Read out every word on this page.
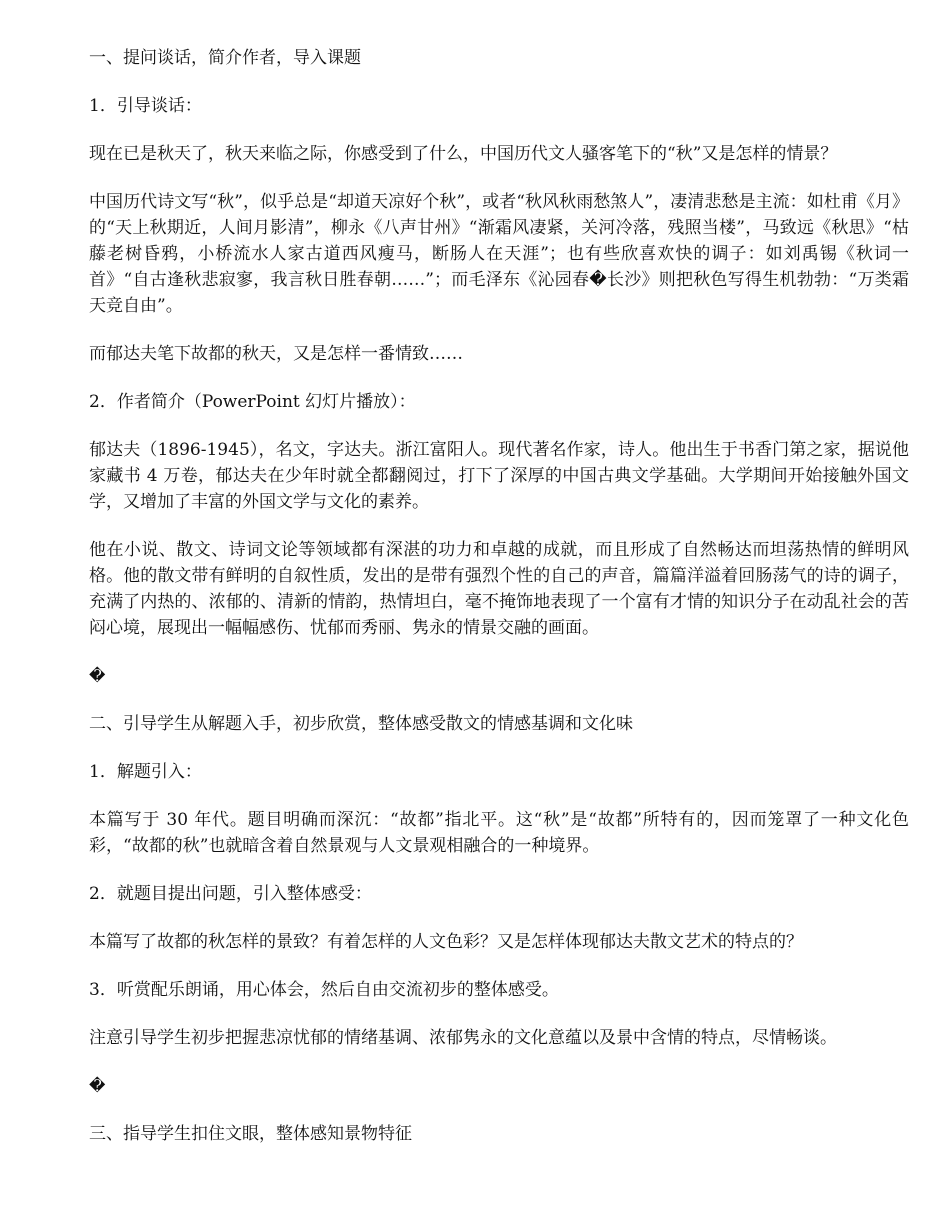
一、提问谈话，简介作者，导入课题

1．引导谈话：

现在已是秋天了，秋天来临之际，你感受到了什么，中国历代文人骚客笔下的“秋”又是怎样的情景？

中国历代诗文写“秋”，似乎总是“却道天凉好个秋”，或者“秋风秋雨愁煞人”，凄清悲愁是主流：如杜甫《月》的“天上秋期近，人间月影清”，柳永《八声甘州》“渐霜风凄紧，关河冷落，残照当楼”，马致远《秋思》“枯藤老树昏鸦，小桥流水人家古道西风瘦马，断肠人在天涯”；也有些欣喜欢快的调子：如刘禹锡《秋词一首》“自古逢秋悲寂寥，我言秋日胜春朝……”；而毛泽东《沁园春�长沙》则把秋色写得生机勃勃：“万类霜天竞自由”。

而郁达夫笔下故都的秋天，又是怎样一番情致……

2．作者简介（PowerPoint 幻灯片播放）：

郁达夫（1896-1945），名文，字达夫。浙江富阳人。现代著名作家，诗人。他出生于书香门第之家，据说他家藏书 4 万卷，郁达夫在少年时就全都翻阅过，打下了深厚的中国古典文学基础。大学期间开始接触外国文学，又增加了丰富的外国文学与文化的素养。

他在小说、散文、诗词文论等领域都有深湛的功力和卓越的成就，而且形成了自然畅达而坦荡热情的鲜明风格。他的散文带有鲜明的自叙性质，发出的是带有强烈个性的自己的声音，篇篇洋溢着回肠荡气的诗的调子，充满了内热的、浓郁的、清新的情韵，热情坦白，毫不掩饰地表现了一个富有才情的知识分子在动乱社会的苦闷心境，展现出一幅幅感伤、忧郁而秀丽、隽永的情景交融的画面。

�

二、引导学生从解题入手，初步欣赏，整体感受散文的情感基调和文化味

1．解题引入：

本篇写于 30 年代。题目明确而深沉：“故都”指北平。这“秋”是“故都”所特有的，因而笼罩了一种文化色彩，“故都的秋”也就暗含着自然景观与人文景观相融合的一种境界。

2．就题目提出问题，引入整体感受：

本篇写了故都的秋怎样的景致？有着怎样的人文色彩？又是怎样体现郁达夫散文艺术的特点的？

3．听赏配乐朗诵，用心体会，然后自由交流初步的整体感受。

注意引导学生初步把握悲凉忧郁的情绪基调、浓郁隽永的文化意蕴以及景中含情的特点，尽情畅谈。

�

三、指导学生扣住文眼，整体感知景物特征
